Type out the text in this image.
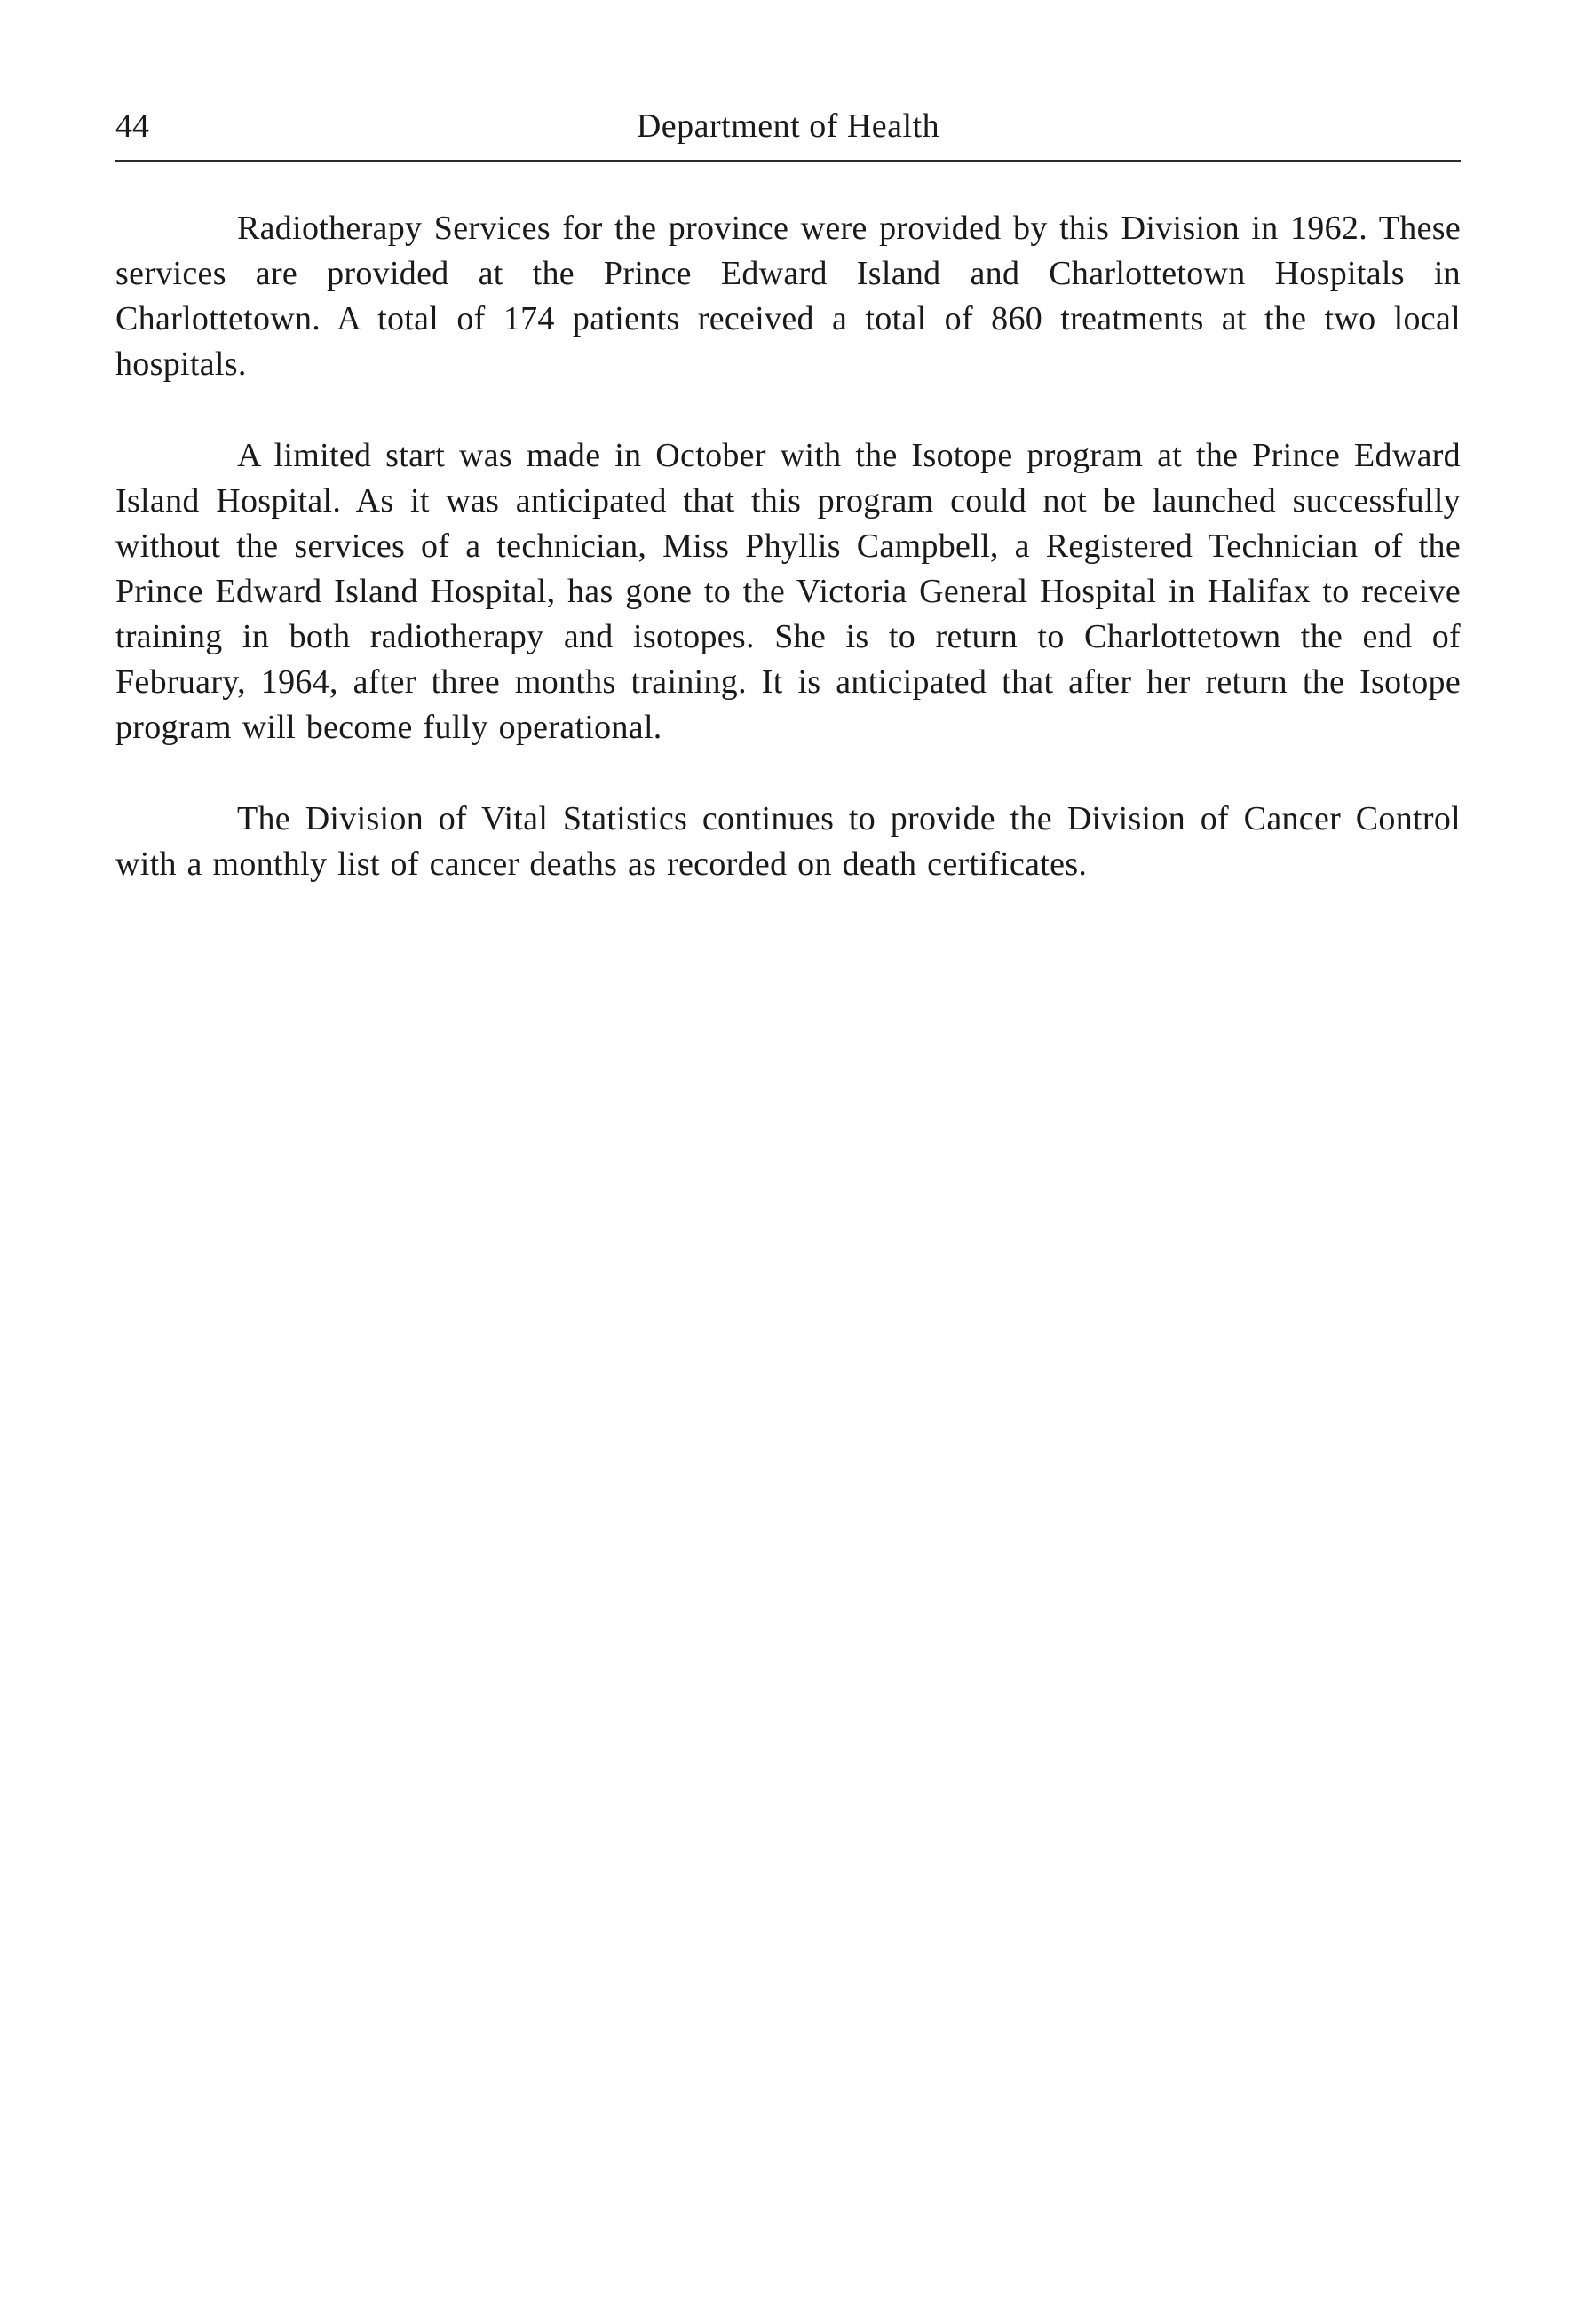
44	Department of Health

Radiotherapy Services for the province were provided by this Division in 1962. These services are provided at the Prince Edward Island and Charlottetown Hospitals in Charlottetown. A total of 174 patients received a total of 860 treatments at the two local hospitals.

A limited start was made in October with the Isotope program at the Prince Edward Island Hospital. As it was anticipated that this program could not be launched successfully without the services of a technician, Miss Phyllis Campbell, a Registered Technician of the Prince Edward Island Hospital, has gone to the Victoria General Hospital in Halifax to receive training in both radiotherapy and isotopes. She is to return to Charlottetown the end of February, 1964, after three months training. It is anticipated that after her return the Isotope program will become fully operational.

The Division of Vital Statistics continues to provide the Division of Cancer Control with a monthly list of cancer deaths as recorded on death certificates.
